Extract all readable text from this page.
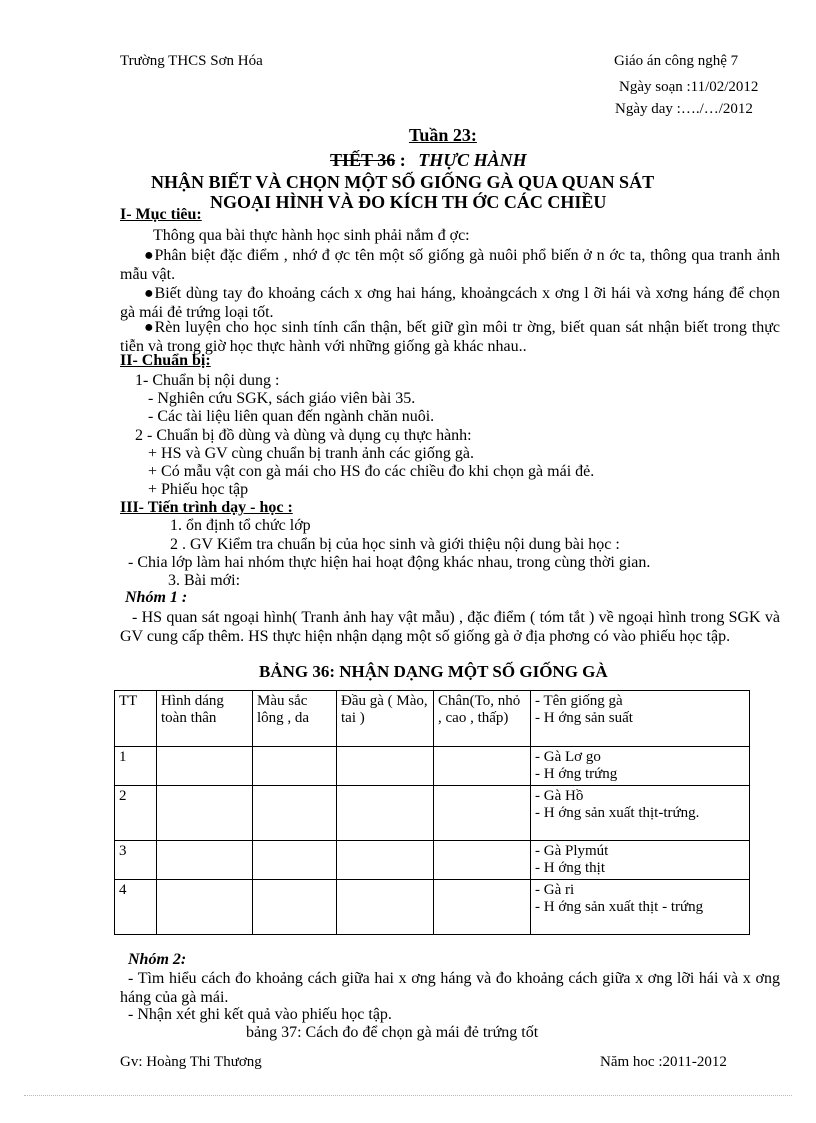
Trường THCS Sơn Hóa	Giáo án công nghệ 7
Ngày soạn :11/02/2012
Ngày day :…./…/2012
Tuần 23:
TIẾT 36 : THỰC HÀNH
NHẬN BIẾT VÀ CHỌN MỘT SỐ GIỐNG GÀ QUA QUAN SÁT
NGOẠI HÌNH VÀ ĐO KÍCH TH ỚC CÁC CHIỀU
I- Mục tiêu:
Thông qua bài thực hành học sinh phải nắm đ ợc:
●Phân biệt đặc điểm , nhớ đ ợc tên một số giống gà nuôi phổ biến ở n ớc ta, thông qua tranh ảnh mẫu vật.
●Biết dùng tay đo khoảng cách x ơng hai háng, khoảngcách x ơng l ỡi hái và xơng háng để chọn gà mái đẻ trứng loại tốt.
●Rèn luyện cho học sinh tính cẩn thận, bết giữ gìn môi tr ờng, biết quan sát nhận biết trong thực tiễn và trong giờ học thực hành với những giống gà khác nhau..
II- Chuẩn bị:
1- Chuẩn bị nội dung :
- Nghiên cứu SGK, sách giáo viên bài 35.
- Các tài liệu liên quan đến ngành chăn nuôi.
2 - Chuẩn bị đồ dùng và dùng và dụng cụ thực hành:
+ HS và GV cùng chuẩn bị tranh ảnh các giống gà.
+ Có mẫu vật con gà mái cho HS đo các chiều đo khi chọn gà mái đẻ.
+ Phiếu học tập
III- Tiến trình dạy - học :
1. ổn định tổ chức lớp
2 . GV Kiểm tra chuẩn bị của học sinh và giới thiệu nội dung bài học :
- Chia lớp làm hai nhóm thực hiện hai hoạt động khác nhau, trong cùng thời gian.
3. Bài mới:
Nhóm 1 :
- HS quan sát ngoại hình( Tranh ảnh hay vật mẫu) , đặc điểm ( tóm tắt ) về ngoại hình trong SGK và GV cung cấp thêm. HS thực hiện nhận dạng một số giống gà ở địa phơng có vào phiếu học tập.
BẢNG 36: NHẬN DẠNG MỘT SỐ GIỐNG GÀ
TT	Hình dáng toàn thân	Màu sắc lông , da	Đầu gà ( Mào, tai )	Chân(To, nhỏ , cao , thấp)	- Tên giống gà
- H ớng sản suất
1					- Gà Lơ go
- H ớng trứng
2					- Gà Hồ
- H ớng sản xuất thịt-trứng.
3					- Gà Plymút
- H ớng thịt
4					- Gà ri
- H ớng sản xuất thịt - trứng
Nhóm 2:
- Tìm hiểu cách đo khoảng cách giữa hai x ơng háng và đo khoảng cách giữa x ơng lỡi hái và x ơng háng của gà mái.
- Nhận xét ghi kết quả vào phiếu học tập.
bảng 37: Cách đo để chọn gà mái đẻ trứng tốt
Gv: Hoàng Thi Thương	Năm hoc :2011-2012
